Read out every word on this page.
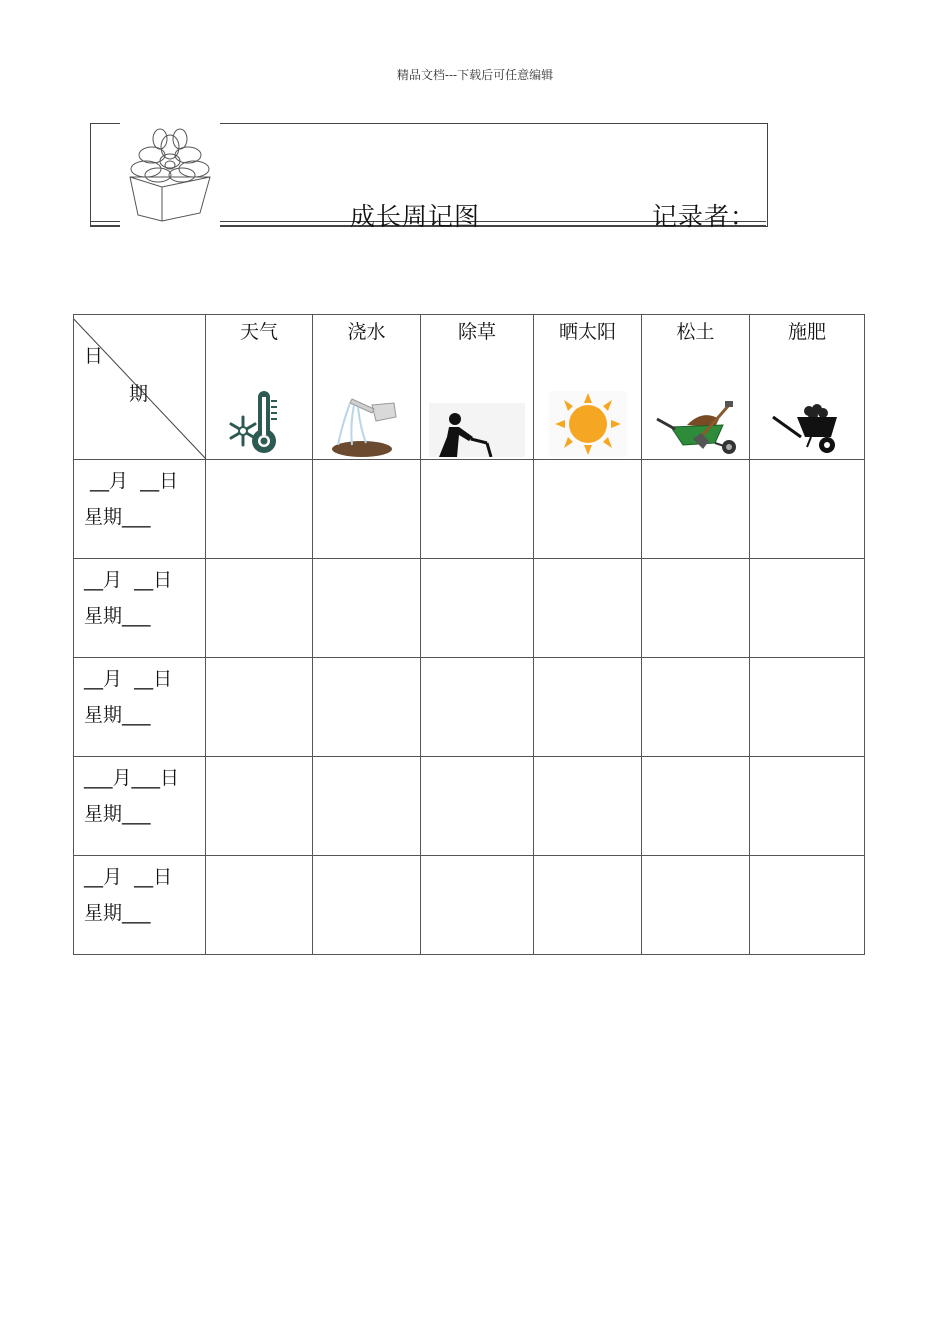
精品文档---下载后可任意编辑
成长周记图	记录者：
日
期	天气	浇水	除草	晒太阳	松土	施肥

__月  __日
星期___						

__月  __日
星期___						

__月  __日
星期___						

___月___日
星期___						

__月  __日
星期___						
